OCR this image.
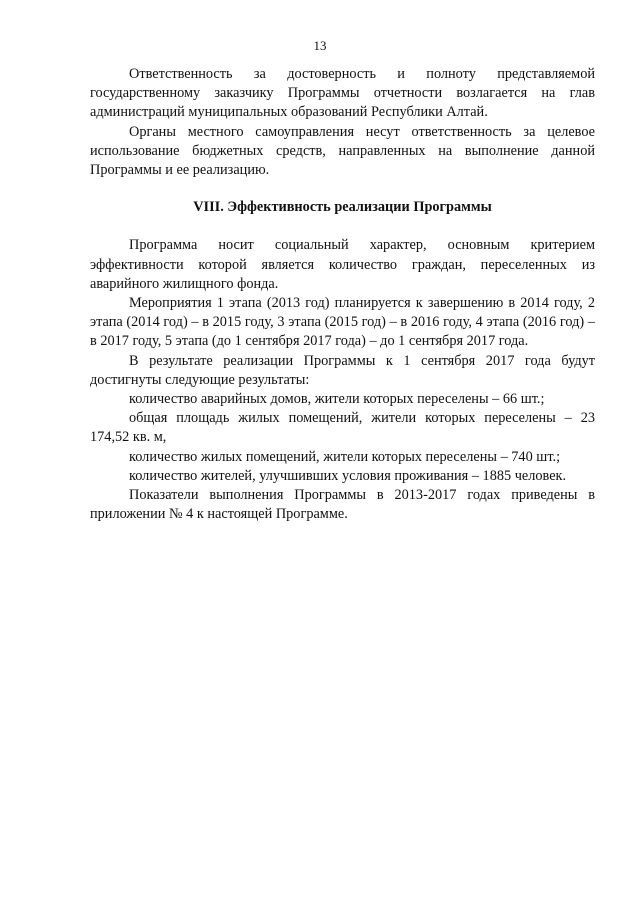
13

Ответственность за достоверность и полноту представляемой государственному заказчику Программы отчетности возлагается на глав администраций муниципальных образований Республики Алтай.

Органы местного самоуправления несут ответственность за целевое использование бюджетных средств, направленных на выполнение данной Программы и ее реализацию.

VIII. Эффективность реализации Программы

Программа носит социальный характер, основным критерием эффективности которой является количество граждан, переселенных из аварийного жилищного фонда.

Мероприятия 1 этапа (2013 год) планируется к завершению в 2014 году, 2 этапа (2014 год) – в 2015 году, 3 этапа (2015 год) – в 2016 году, 4 этапа (2016 год) – в 2017 году, 5 этапа (до 1 сентября 2017 года) – до 1 сентября 2017 года.

В результате реализации Программы к 1 сентября 2017 года будут достигнуты следующие результаты:

количество аварийных домов, жители которых переселены – 66 шт.;

общая площадь жилых помещений, жители которых переселены – 23 174,52 кв. м,

количество жилых помещений, жители которых переселены – 740 шт.;

количество жителей, улучшивших условия проживания – 1885 человек.

Показатели выполнения Программы в 2013-2017 годах приведены в приложении № 4 к настоящей Программе.
